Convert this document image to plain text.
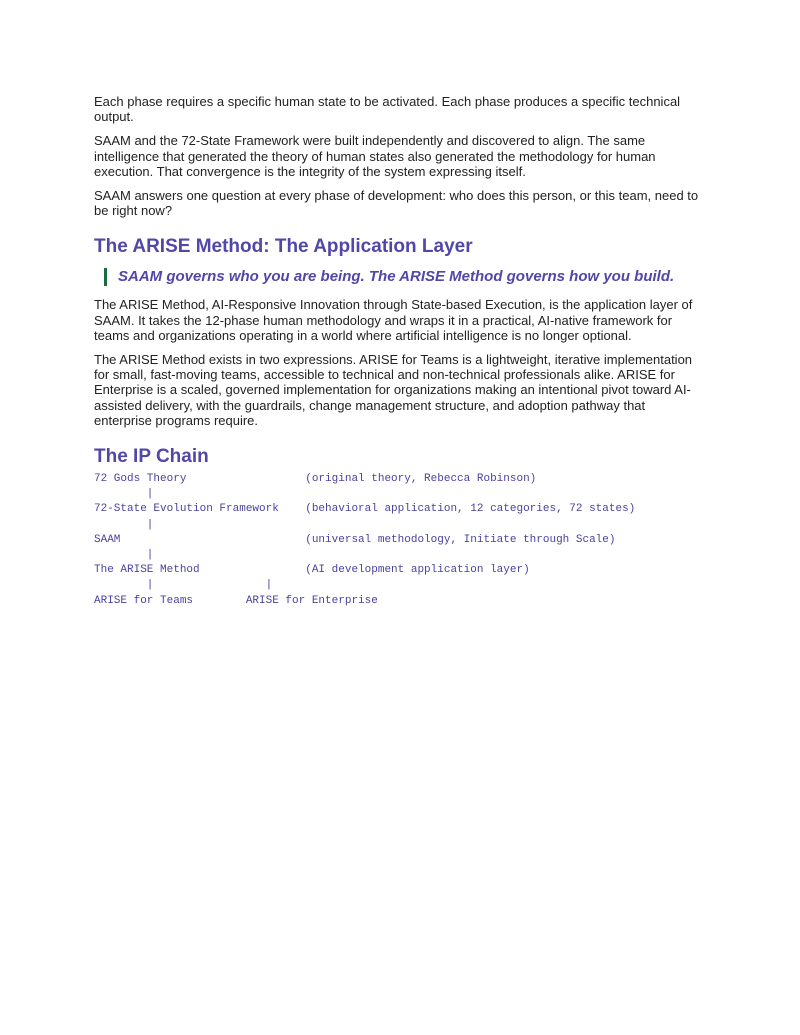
Each phase requires a specific human state to be activated. Each phase produces a specific technical output.

SAAM and the 72-State Framework were built independently and discovered to align. The same intelligence that generated the theory of human states also generated the methodology for human execution. That convergence is the integrity of the system expressing itself.

SAAM answers one question at every phase of development: who does this person, or this team, need to be right now?

The ARISE Method: The Application Layer
SAAM governs who you are being. The ARISE Method governs how you build.

The ARISE Method, AI-Responsive Innovation through State-based Execution, is the application layer of SAAM. It takes the 12-phase human methodology and wraps it in a practical, AI-native framework for teams and organizations operating in a world where artificial intelligence is no longer optional.

The ARISE Method exists in two expressions. ARISE for Teams is a lightweight, iterative implementation for small, fast-moving teams, accessible to technical and non-technical professionals alike. ARISE for Enterprise is a scaled, governed implementation for organizations making an intentional pivot toward AI-assisted delivery, with the guardrails, change management structure, and adoption pathway that enterprise programs require.

The IP Chain
72 Gods Theory                  (original theory, Rebecca Robinson)
|
72-State Evolution Framework    (behavioral application, 12 categories, 72 states)
|
SAAM                            (universal methodology, Initiate through Scale)
|
The ARISE Method                (AI development application layer)
|                 |
ARISE for Teams        ARISE for Enterprise
